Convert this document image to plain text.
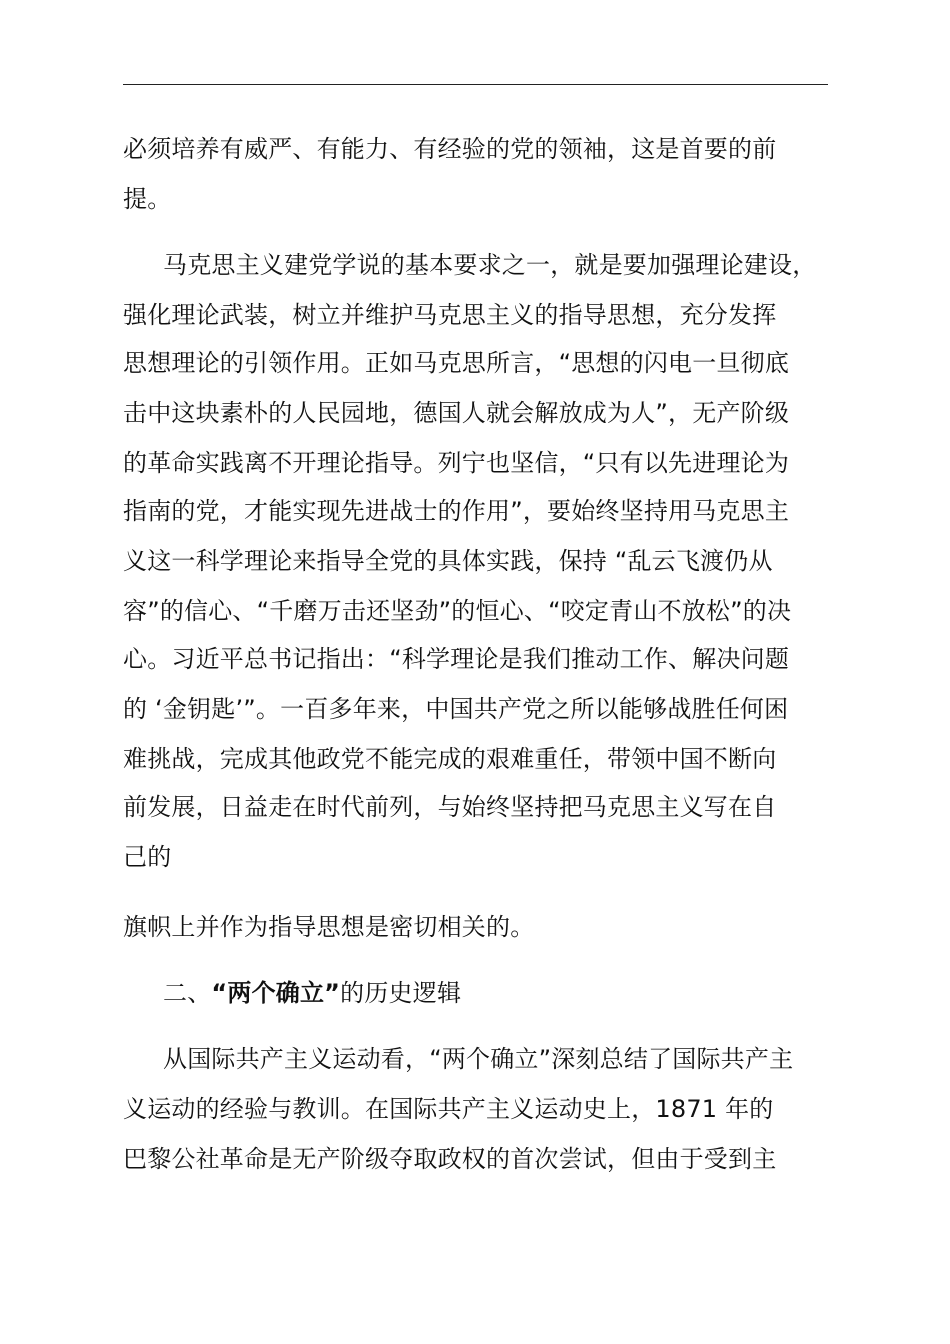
必须培养有威严、有能力、有经验的党的领袖，这是首要的前
提。
马克思主义建党学说的基本要求之一，就是要加强理论建设，
强化理论武装，树立并维护马克思主义的指导思想，充分发挥
思想理论的引领作用。正如马克思所言，“思想的闪电一旦彻底
击中这块素朴的人民园地，德国人就会解放成为人”，无产阶级
的革命实践离不开理论指导。列宁也坚信，“只有以先进理论为
指南的党，才能实现先进战士的作用”，要始终坚持用马克思主
义这一科学理论来指导全党的具体实践，保持 “乱云飞渡仍从
容”的信心、“千磨万击还坚劲”的恒心、“咬定青山不放松”的决
心。习近平总书记指出：“科学理论是我们推动工作、解决问题
的 ‘金钥匙’”。一百多年来，中国共产党之所以能够战胜任何困
难挑战，完成其他政党不能完成的艰难重任，带领中国不断向
前发展，日益走在时代前列，与始终坚持把马克思主义写在自
己的
旗帜上并作为指导思想是密切相关的。
二、“两个确立”的历史逻辑
从国际共产主义运动看，“两个确立”深刻总结了国际共产主
义运动的经验与教训。在国际共产主义运动史上，1871 年的
巴黎公社革命是无产阶级夺取政权的首次尝试，但由于受到主
